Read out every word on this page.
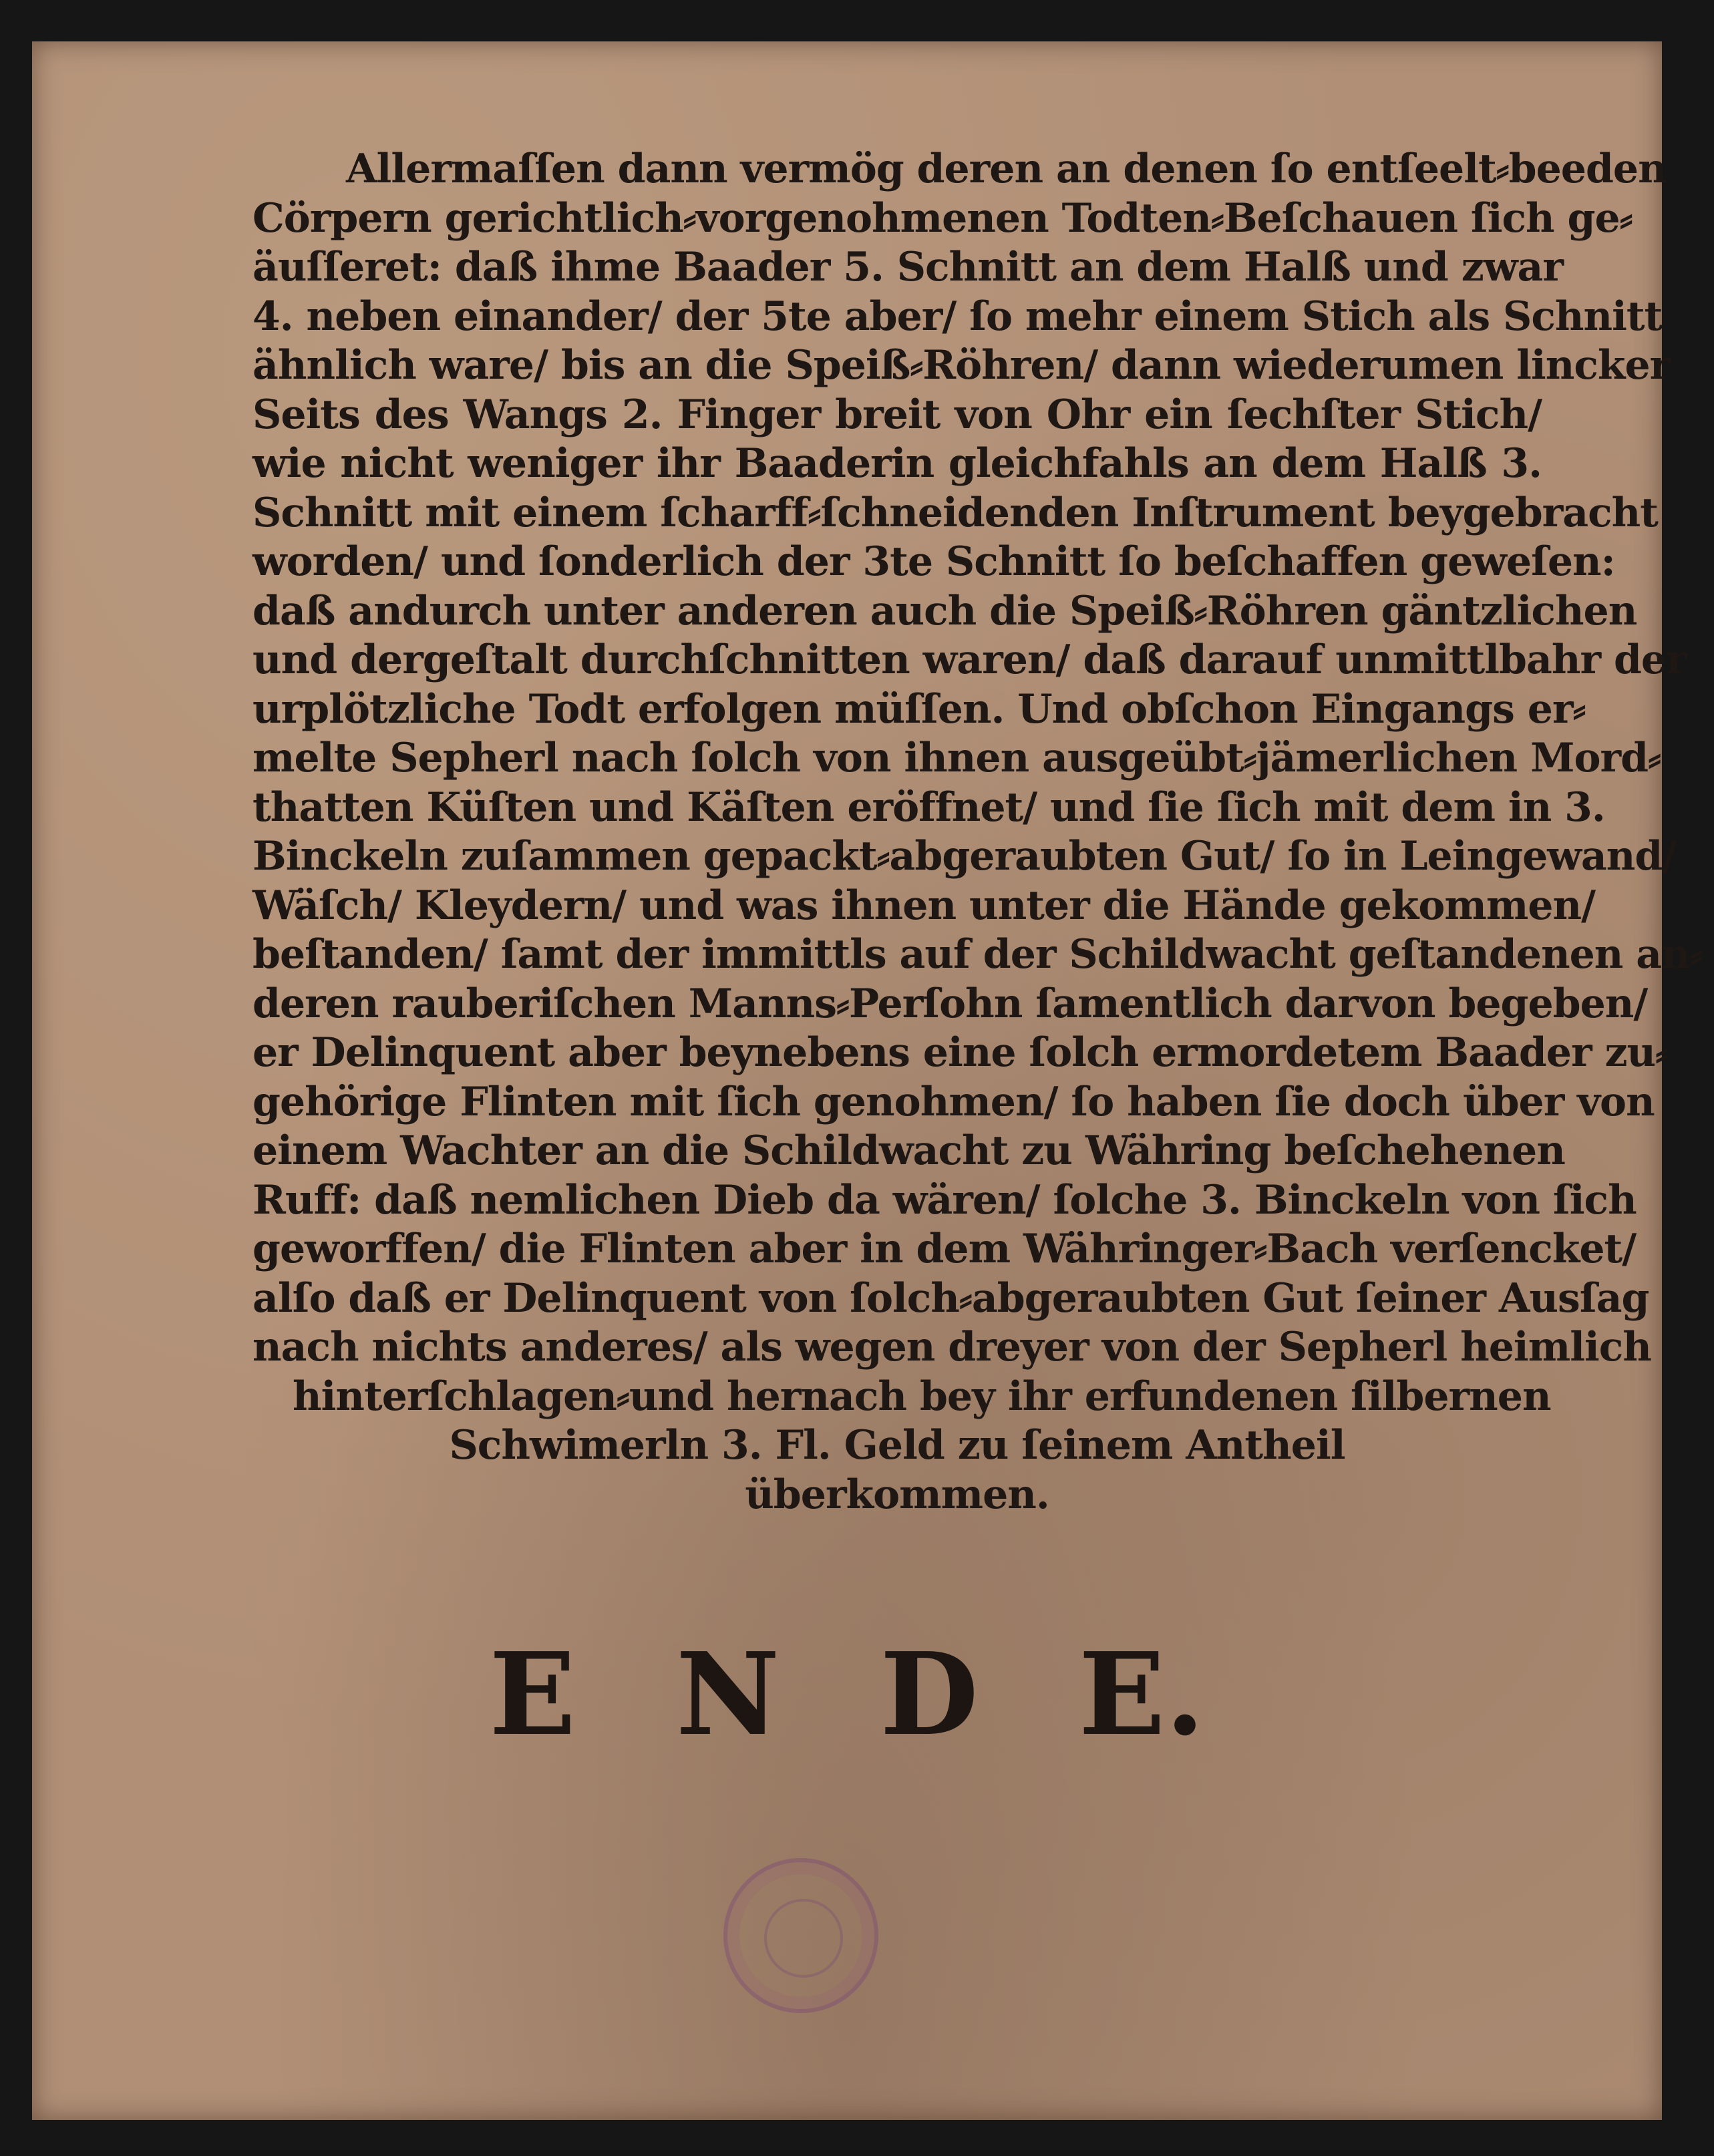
Allermaſſen dann vermög deren an denen ſo entſeelt⸗beeden
Cörpern gerichtlich⸗vorgenohmenen Todten⸗Beſchauen ſich ge⸗
äuſſeret: daß ihme Baader 5. Schnitt an dem Halß und zwar
4. neben einander/ der 5te aber/ ſo mehr einem Stich als Schnitt
ähnlich ware/ bis an die Speiß⸗Röhren/ dann wiederumen lincker
Seits des Wangs 2. Finger breit von Ohr ein ſechſter Stich/
wie nicht weniger ihr Baaderin gleichfahls an dem Halß 3.
Schnitt mit einem ſcharff⸗ſchneidenden Inſtrument beygebracht
worden/ und ſonderlich der 3te Schnitt ſo beſchaffen geweſen:
daß andurch unter anderen auch die Speiß⸗Röhren gäntzlichen
und dergeſtalt durchſchnitten waren/ daß darauf unmittlbahr der
urplötzliche Todt erfolgen müſſen. Und obſchon Eingangs er⸗
melte Sepherl nach ſolch von ihnen ausgeübt⸗jämerlichen Mord⸗
thatten Küſten und Käſten eröffnet/ und ſie ſich mit dem in 3.
Binckeln zuſammen gepackt⸗abgeraubten Gut/ ſo in Leingewand/
Wäſch/ Kleydern/ und was ihnen unter die Hände gekommen/
beſtanden/ ſamt der immittls auf der Schildwacht geſtandenen an⸗
deren rauberiſchen Manns⸗Perſohn ſamentlich darvon begeben/
er Delinquent aber beynebens eine ſolch ermordetem Baader zu⸗
gehörige Flinten mit ſich genohmen/ ſo haben ſie doch über von
einem Wachter an die Schildwacht zu Währing beſchehenen
Ruff: daß nemlichen Dieb da wären/ ſolche 3. Binckeln von ſich
geworffen/ die Flinten aber in dem Währinger⸗Bach verſencket/
alſo daß er Delinquent von ſolch⸗abgeraubten Gut ſeiner Ausſag
nach nichts anderes/ als wegen dreyer von der Sepherl heimlich
hinterſchlagen⸗und hernach bey ihr erfundenen ſilbernen
Schwimerln 3. Fl. Geld zu ſeinem Antheil
überkommen.
E N D E.
